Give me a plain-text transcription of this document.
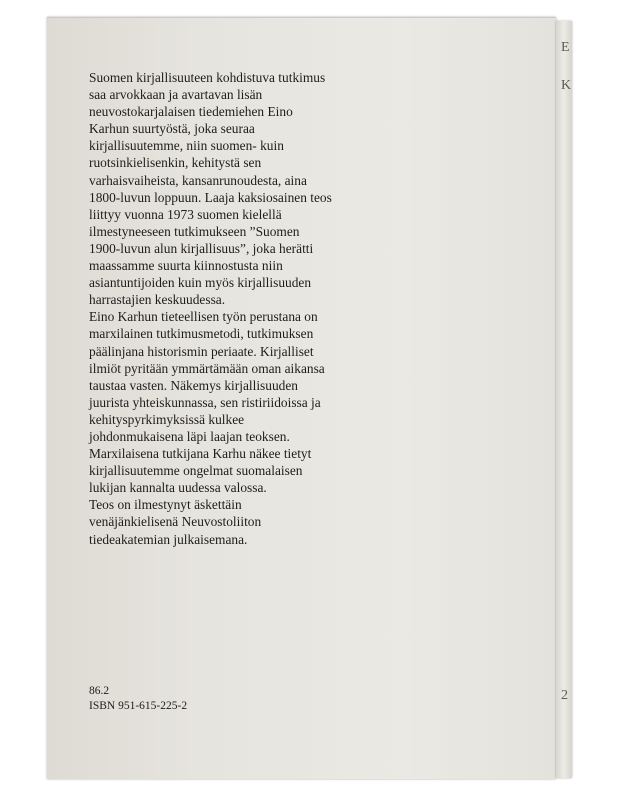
E
K
2

Suomen kirjallisuuteen kohdistuva tutkimus
saa arvokkaan ja avartavan lisän
neuvostokarjalaisen tiedemiehen Eino
Karhun suurtyöstä, joka seuraa
kirjallisuutemme, niin suomen- kuin
ruotsinkielisenkin, kehitystä sen
varhaisvaiheista, kansanrunoudesta, aina
1800-luvun loppuun. Laaja kaksiosainen teos
liittyy vuonna 1973 suomen kielellä
ilmestyneeseen tutkimukseen ”Suomen
1900-luvun alun kirjallisuus”, joka herätti
maassamme suurta kiinnostusta niin
asiantuntijoiden kuin myös kirjallisuuden
harrastajien keskuudessa.
Eino Karhun tieteellisen työn perustana on
marxilainen tutkimusmetodi, tutkimuksen
päälinjana historismin periaate. Kirjalliset
ilmiöt pyritään ymmärtämään oman aikansa
taustaa vasten. Näkemys kirjallisuuden
juurista yhteiskunnassa, sen ristiriidoissa ja
kehityspyrkimyksissä kulkee
johdonmukaisena läpi laajan teoksen.
Marxilaisena tutkijana Karhu näkee tietyt
kirjallisuutemme ongelmat suomalaisen
lukijan kannalta uudessa valossa.
Teos on ilmestynyt äskettäin
venäjänkielisenä Neuvostoliiton
tiedeakatemian julkaisemana.

86.2
ISBN 951-615-225-2
